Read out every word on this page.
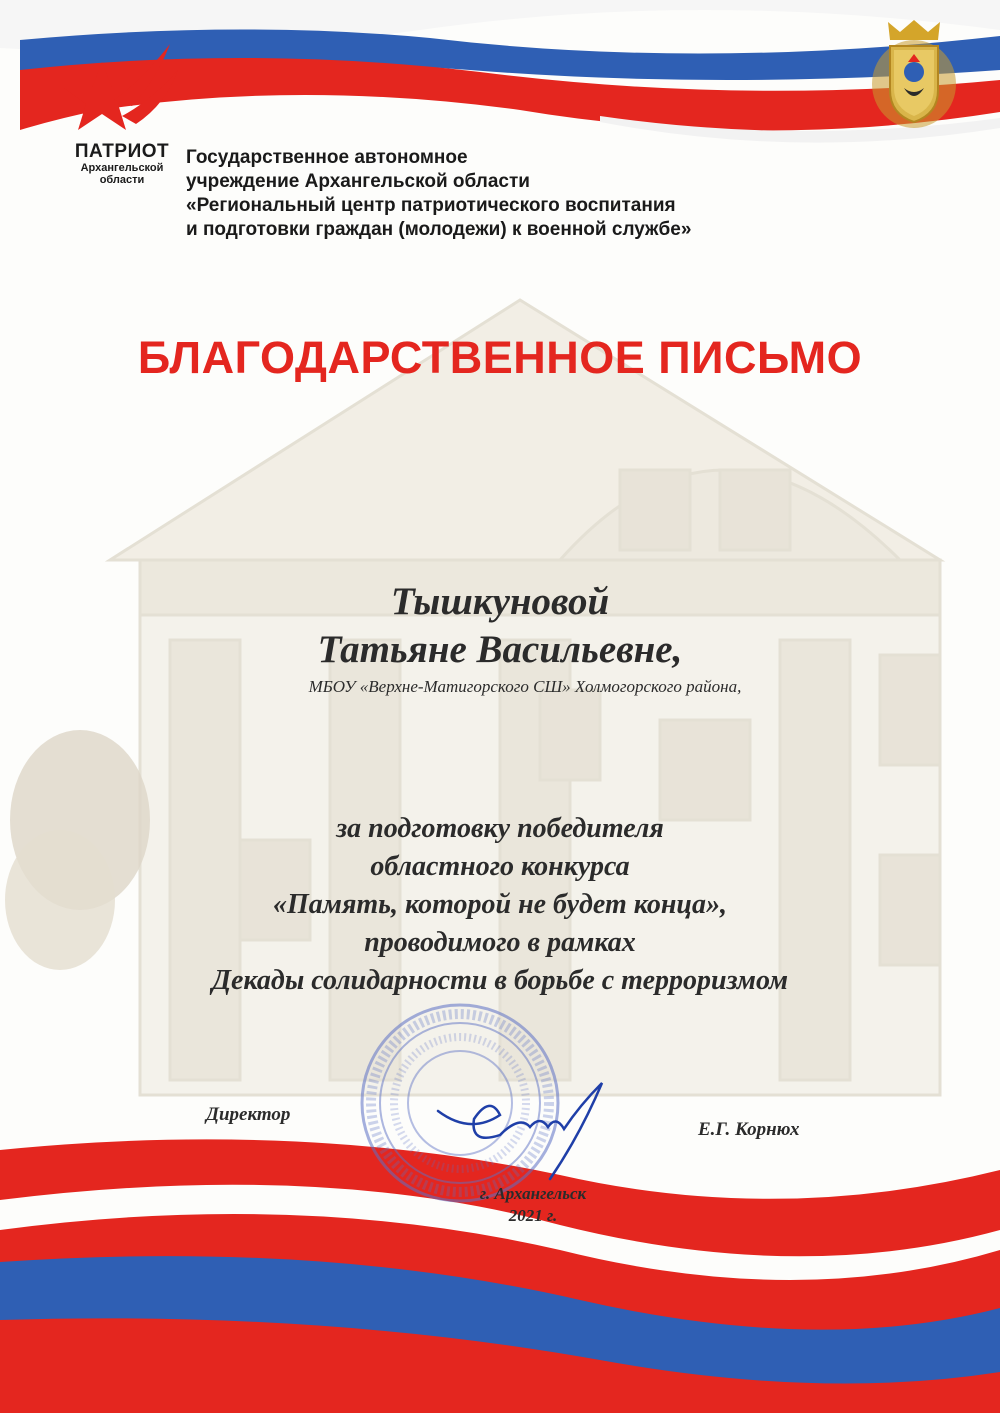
ПАТРИОТ
Архангельской
области
Государственное автономное
учреждение Архангельской области
«Региональный центр патриотического воспитания
и подготовки граждан (молодежи) к военной службе»
БЛАГОДАРСТВЕННОЕ ПИСЬМО
Тышкуновой
Татьяне Васильевне,
МБОУ «Верхне-Матигорского СШ» Холмогорского района,
за подготовку победителя
областного конкурса
«Память, которой не будет конца»,
проводимого в рамках
Декады солидарности в борьбе с терроризмом
Директор
Е.Г. Корнюх
г. Архангельск
2021 г.
